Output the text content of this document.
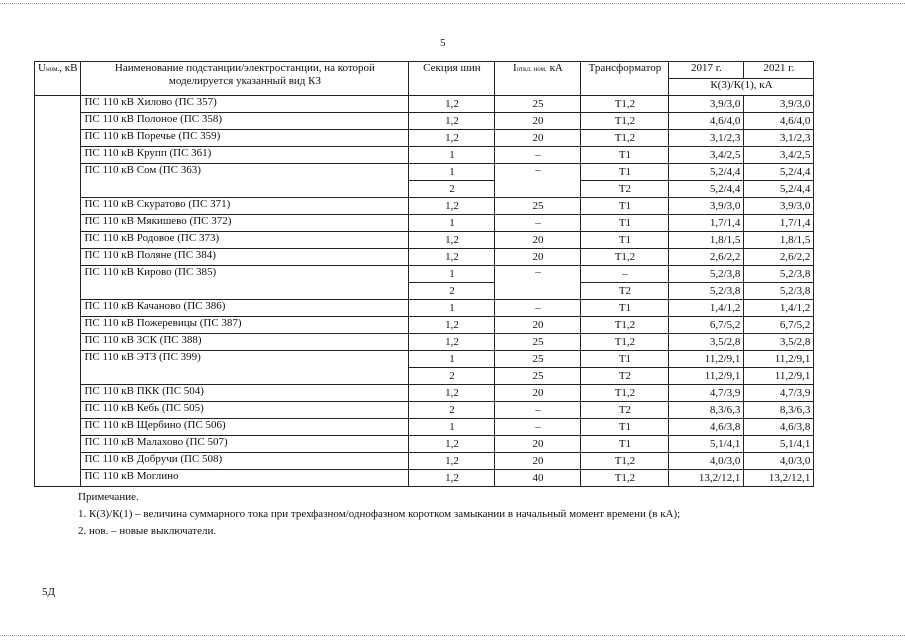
5
Uном., кВ	Наименование подстанции/электростанции, на которой моделируется указанный вид КЗ	Секция шин	Iоткл. ном. кА	Трансформатор	2017 г.	2021 г.
					К(3)/К(1), кА	
	ПС 110 кВ Хилово (ПС 357)	1,2	25	Т1,2	3,9/3,0	3,9/3,0
	ПС 110 кВ Полоное (ПС 358)	1,2	20	Т1,2	4,6/4,0	4,6/4,0
	ПС 110 кВ Поречье (ПС 359)	1,2	20	Т1,2	3,1/2,3	3,1/2,3
	ПС 110 кВ Крупп (ПС 361)	1	–	Т1	3,4/2,5	3,4/2,5
	ПС 110 кВ Сом (ПС 363)	1	–	Т1	5,2/4,4	5,2/4,4
		2		Т2	5,2/4,4	5,2/4,4
	ПС 110 кВ Скуратово (ПС 371)	1,2	25	Т1	3,9/3,0	3,9/3,0
	ПС 110 кВ Мякишево (ПС 372)	1	–	Т1	1,7/1,4	1,7/1,4
	ПС 110 кВ Родовое (ПС 373)	1,2	20	Т1	1,8/1,5	1,8/1,5
	ПС 110 кВ Поляне (ПС 384)	1,2	20	Т1,2	2,6/2,2	2,6/2,2
	ПС 110 кВ Кирово (ПС 385)	1	–	–	5,2/3,8	5,2/3,8
		2		Т2	5,2/3,8	5,2/3,8
	ПС 110 кВ Качаново (ПС 386)	1	–	Т1	1,4/1,2	1,4/1,2
	ПС 110 кВ Пожеревицы (ПС 387)	1,2	20	Т1,2	6,7/5,2	6,7/5,2
	ПС 110 кВ ЗСК (ПС 388)	1,2	25	Т1,2	3,5/2,8	3,5/2,8
	ПС 110 кВ ЭТЗ (ПС 399)	1	25	Т1	11,2/9,1	11,2/9,1
		2	25	Т2	11,2/9,1	11,2/9,1
	ПС 110 кВ ПКК (ПС 504)	1,2	20	Т1,2	4,7/3,9	4,7/3,9
	ПС 110 кВ Кебь (ПС 505)	2	–	Т2	8,3/6,3	8,3/6,3
	ПС 110 кВ Щербино (ПС 506)	1	–	Т1	4,6/3,8	4,6/3,8
	ПС 110 кВ Малахово (ПС 507)	1,2	20	Т1	5,1/4,1	5,1/4,1
	ПС 110 кВ Добручи (ПС 508)	1,2	20	Т1,2	4,0/3,0	4,0/3,0
	ПС 110 кВ Моглино	1,2	40	Т1,2	13,2/12,1	13,2/12,1
Примечание.
1. К(3)/К(1) – величина суммарного тока при трехфазном/однофазном коротком замыкании в начальный момент времени (в кА);
2. нов. – новые выключатели.
5Д
